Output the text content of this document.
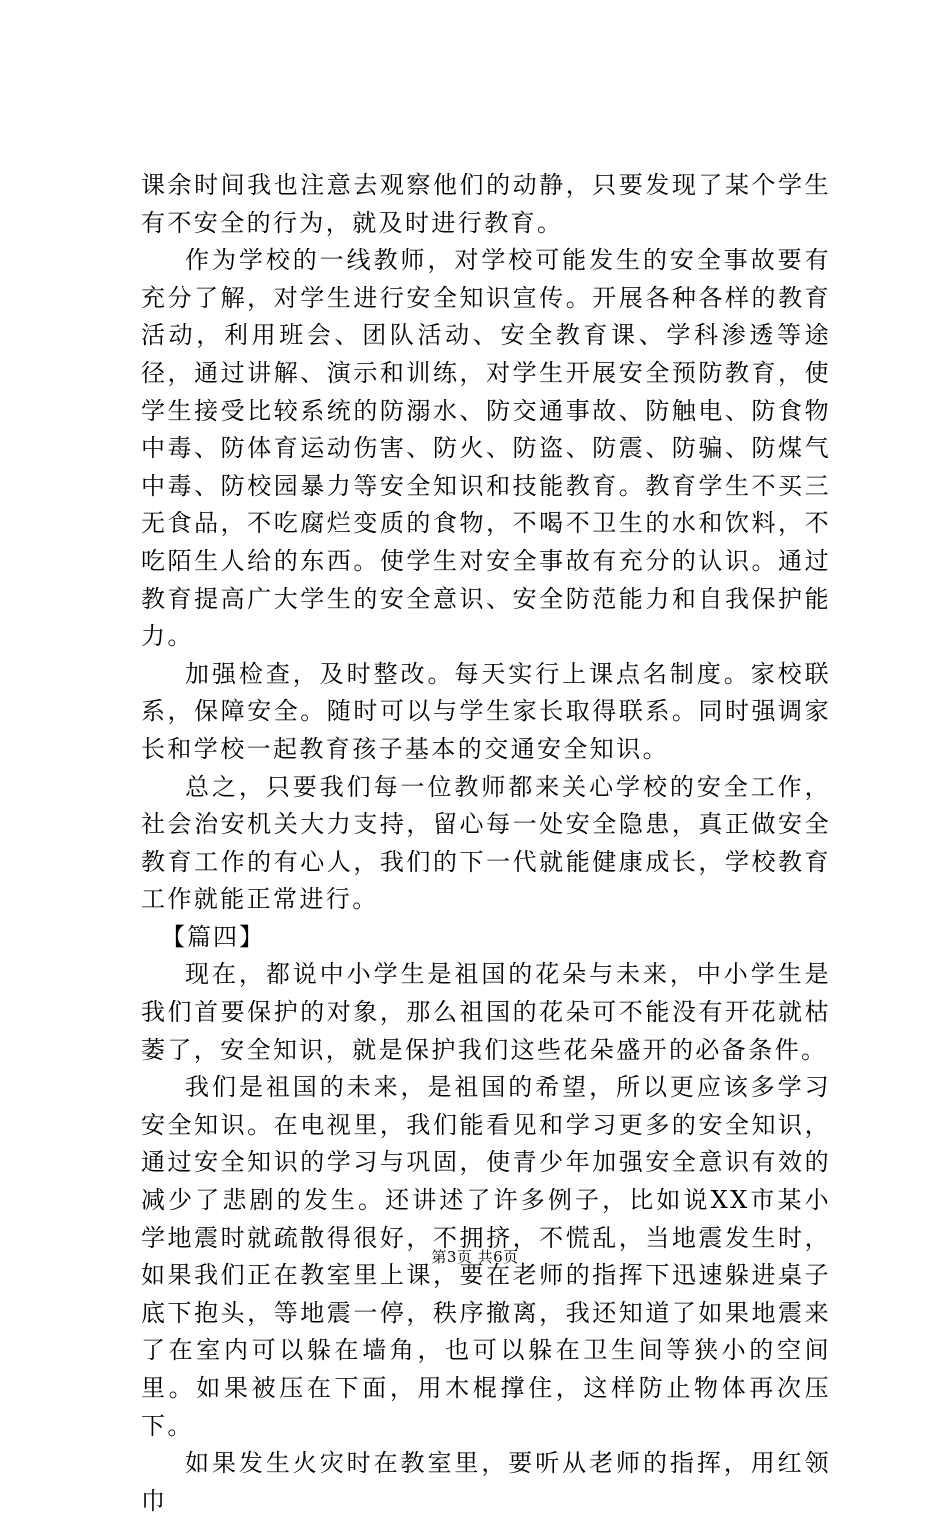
课余时间我也注意去观察他们的动静，只要发现了某个学生有不安全的行为，就及时进行教育。

作为学校的一线教师，对学校可能发生的安全事故要有充分了解，对学生进行安全知识宣传。开展各种各样的教育活动，利用班会、团队活动、安全教育课、学科渗透等途径，通过讲解、演示和训练，对学生开展安全预防教育，使学生接受比较系统的防溺水、防交通事故、防触电、防食物中毒、防体育运动伤害、防火、防盗、防震、防骗、防煤气中毒、防校园暴力等安全知识和技能教育。教育学生不买三无食品，不吃腐烂变质的食物，不喝不卫生的水和饮料，不吃陌生人给的东西。使学生对安全事故有充分的认识。通过教育提高广大学生的安全意识、安全防范能力和自我保护能力。

加强检查，及时整改。每天实行上课点名制度。家校联系，保障安全。随时可以与学生家长取得联系。同时强调家长和学校一起教育孩子基本的交通安全知识。

总之，只要我们每一位教师都来关心学校的安全工作，社会治安机关大力支持，留心每一处安全隐患，真正做安全教育工作的有心人，我们的下一代就能健康成长，学校教育工作就能正常进行。

【篇四】

现在，都说中小学生是祖国的花朵与未来，中小学生是我们首要保护的对象，那么祖国的花朵可不能没有开花就枯萎了，安全知识，就是保护我们这些花朵盛开的必备条件。

我们是祖国的未来，是祖国的希望，所以更应该多学习安全知识。在电视里，我们能看见和学习更多的安全知识，通过安全知识的学习与巩固，使青少年加强安全意识有效的减少了悲剧的发生。还讲述了许多例子，比如说XX市某小学地震时就疏散得很好，不拥挤，不慌乱，当地震发生时，如果我们正在教室里上课，要在老师的指挥下迅速躲进桌子底下抱头，等地震一停，秩序撤离，我还知道了如果地震来了在室内可以躲在墙角，也可以躲在卫生间等狭小的空间里。如果被压在下面，用木棍撑住，这样防止物体再次压下。

如果发生火灾时在教室里，要听从老师的指挥，用红领巾

第3页 共6页
